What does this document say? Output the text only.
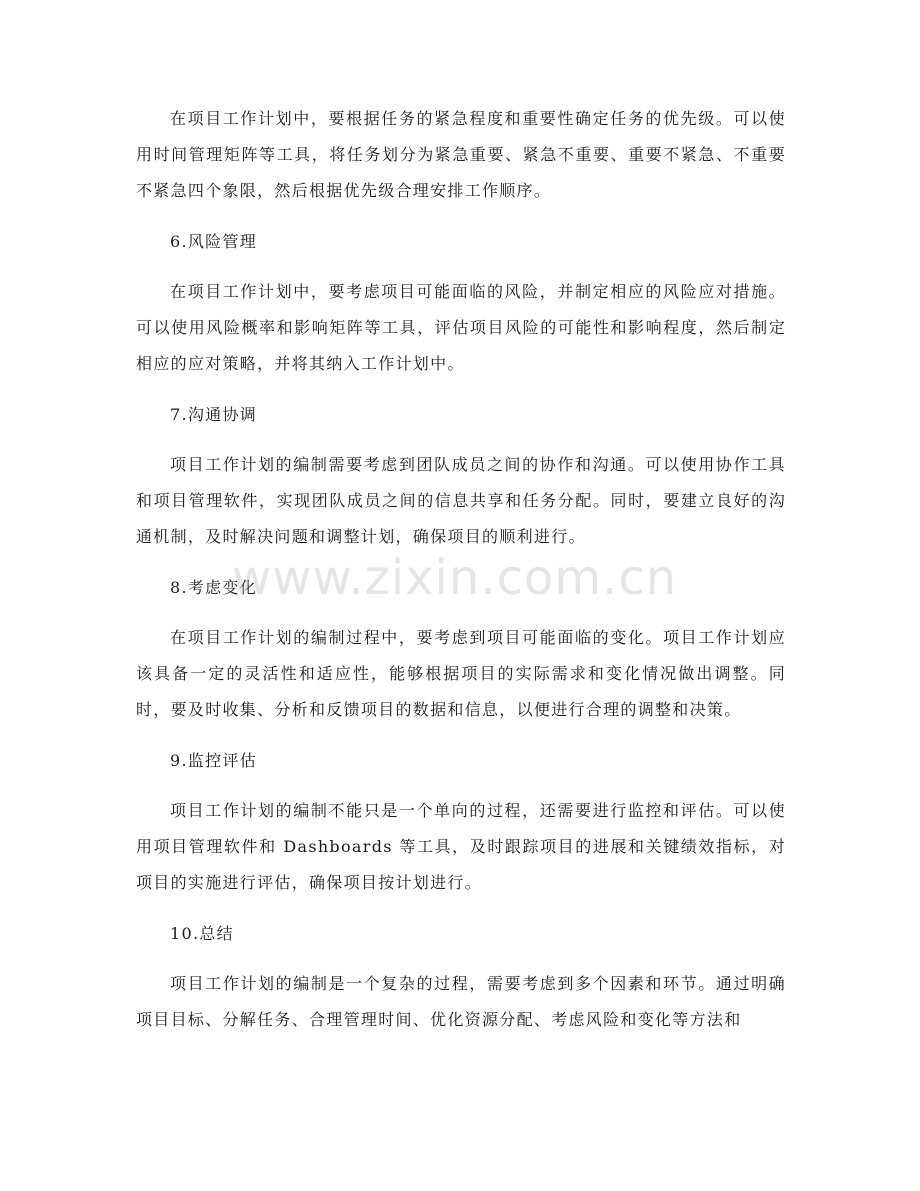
在项目工作计划中，要根据任务的紧急程度和重要性确定任务的优先级。可以使用时间管理矩阵等工具，将任务划分为紧急重要、紧急不重要、重要不紧急、不重要不紧急四个象限，然后根据优先级合理安排工作顺序。

6.风险管理

在项目工作计划中，要考虑项目可能面临的风险，并制定相应的风险应对措施。可以使用风险概率和影响矩阵等工具，评估项目风险的可能性和影响程度，然后制定相应的应对策略，并将其纳入工作计划中。

7.沟通协调

项目工作计划的编制需要考虑到团队成员之间的协作和沟通。可以使用协作工具和项目管理软件，实现团队成员之间的信息共享和任务分配。同时，要建立良好的沟通机制，及时解决问题和调整计划，确保项目的顺利进行。

8.考虑变化

在项目工作计划的编制过程中，要考虑到项目可能面临的变化。项目工作计划应该具备一定的灵活性和适应性，能够根据项目的实际需求和变化情况做出调整。同时，要及时收集、分析和反馈项目的数据和信息，以便进行合理的调整和决策。

9.监控评估

项目工作计划的编制不能只是一个单向的过程，还需要进行监控和评估。可以使用项目管理软件和 Dashboards 等工具，及时跟踪项目的进展和关键绩效指标，对项目的实施进行评估，确保项目按计划进行。

10.总结

项目工作计划的编制是一个复杂的过程，需要考虑到多个因素和环节。通过明确项目目标、分解任务、合理管理时间、优化资源分配、考虑风险和变化等方法和

www.zixin.com.cn
